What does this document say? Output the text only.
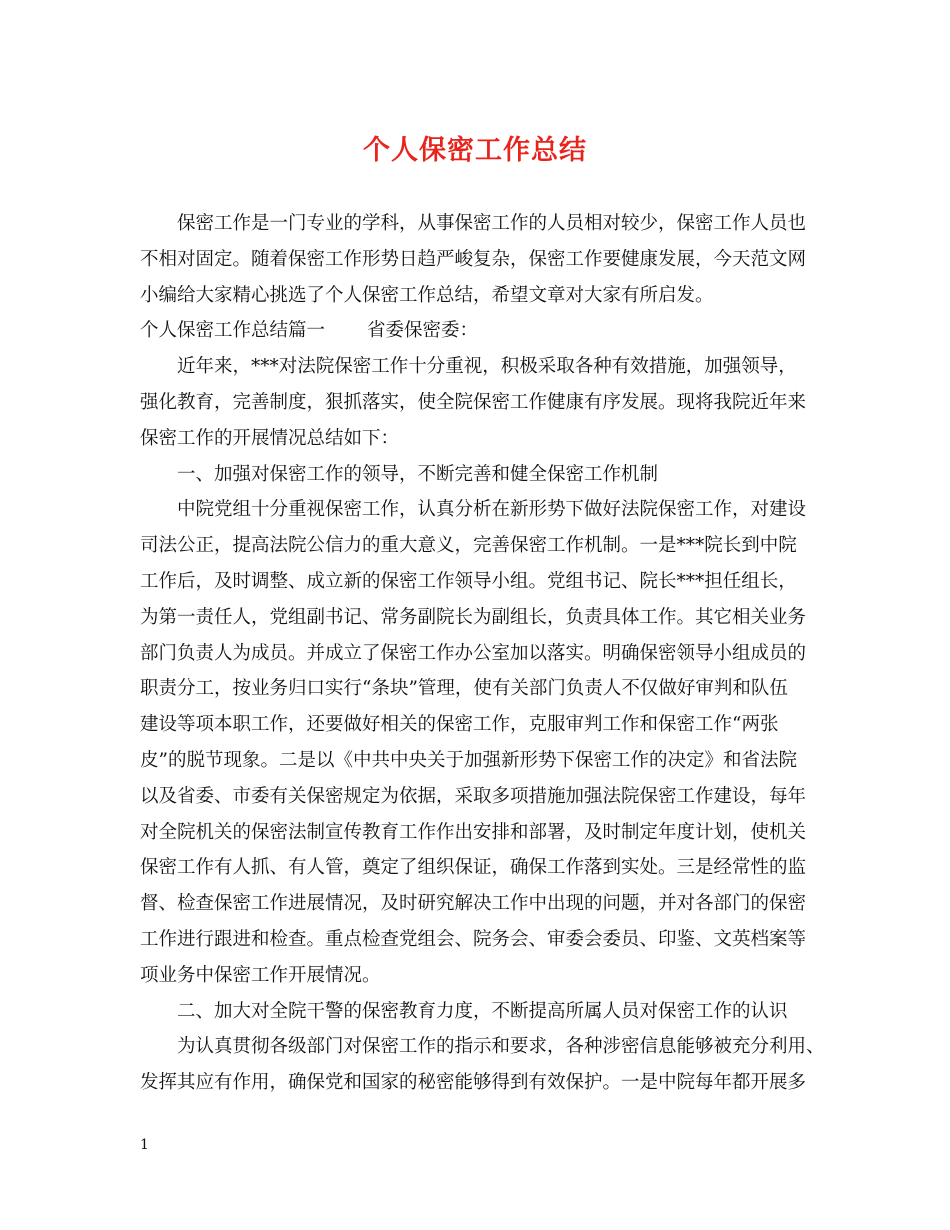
个人保密工作总结
保密工作是一门专业的学科，从事保密工作的人员相对较少，保密工作人员也
不相对固定。随着保密工作形势日趋严峻复杂，保密工作要健康发展，今天范文网
小编给大家精心挑选了个人保密工作总结，希望文章对大家有所启发。
个人保密工作总结篇一 省委保密委：
近年来，***对法院保密工作十分重视，积极采取各种有效措施，加强领导，
强化教育，完善制度，狠抓落实，使全院保密工作健康有序发展。现将我院近年来
保密工作的开展情况总结如下：
一、加强对保密工作的领导，不断完善和健全保密工作机制
中院党组十分重视保密工作，认真分析在新形势下做好法院保密工作，对建设
司法公正，提高法院公信力的重大意义，完善保密工作机制。一是***院长到中院
工作后，及时调整、成立新的保密工作领导小组。党组书记、院长***担任组长，
为第一责任人，党组副书记、常务副院长为副组长，负责具体工作。其它相关业务
部门负责人为成员。并成立了保密工作办公室加以落实。明确保密领导小组成员的
职责分工，按业务归口实行“条块”管理，使有关部门负责人不仅做好审判和队伍
建设等项本职工作，还要做好相关的保密工作，克服审判工作和保密工作“两张
皮”的脱节现象。二是以《中共中央关于加强新形势下保密工作的决定》和省法院
以及省委、市委有关保密规定为依据，采取多项措施加强法院保密工作建设，每年
对全院机关的保密法制宣传教育工作作出安排和部署，及时制定年度计划，使机关
保密工作有人抓、有人管，奠定了组织保证，确保工作落到实处。三是经常性的监
督、检查保密工作进展情况，及时研究解决工作中出现的问题，并对各部门的保密
工作进行跟进和检查。重点检查党组会、院务会、审委会委员、印鉴、文英档案等
项业务中保密工作开展情况。
二、加大对全院干警的保密教育力度，不断提高所属人员对保密工作的认识
为认真贯彻各级部门对保密工作的指示和要求，各种涉密信息能够被充分利用、
发挥其应有作用，确保党和国家的秘密能够得到有效保护。一是中院每年都开展多
1
